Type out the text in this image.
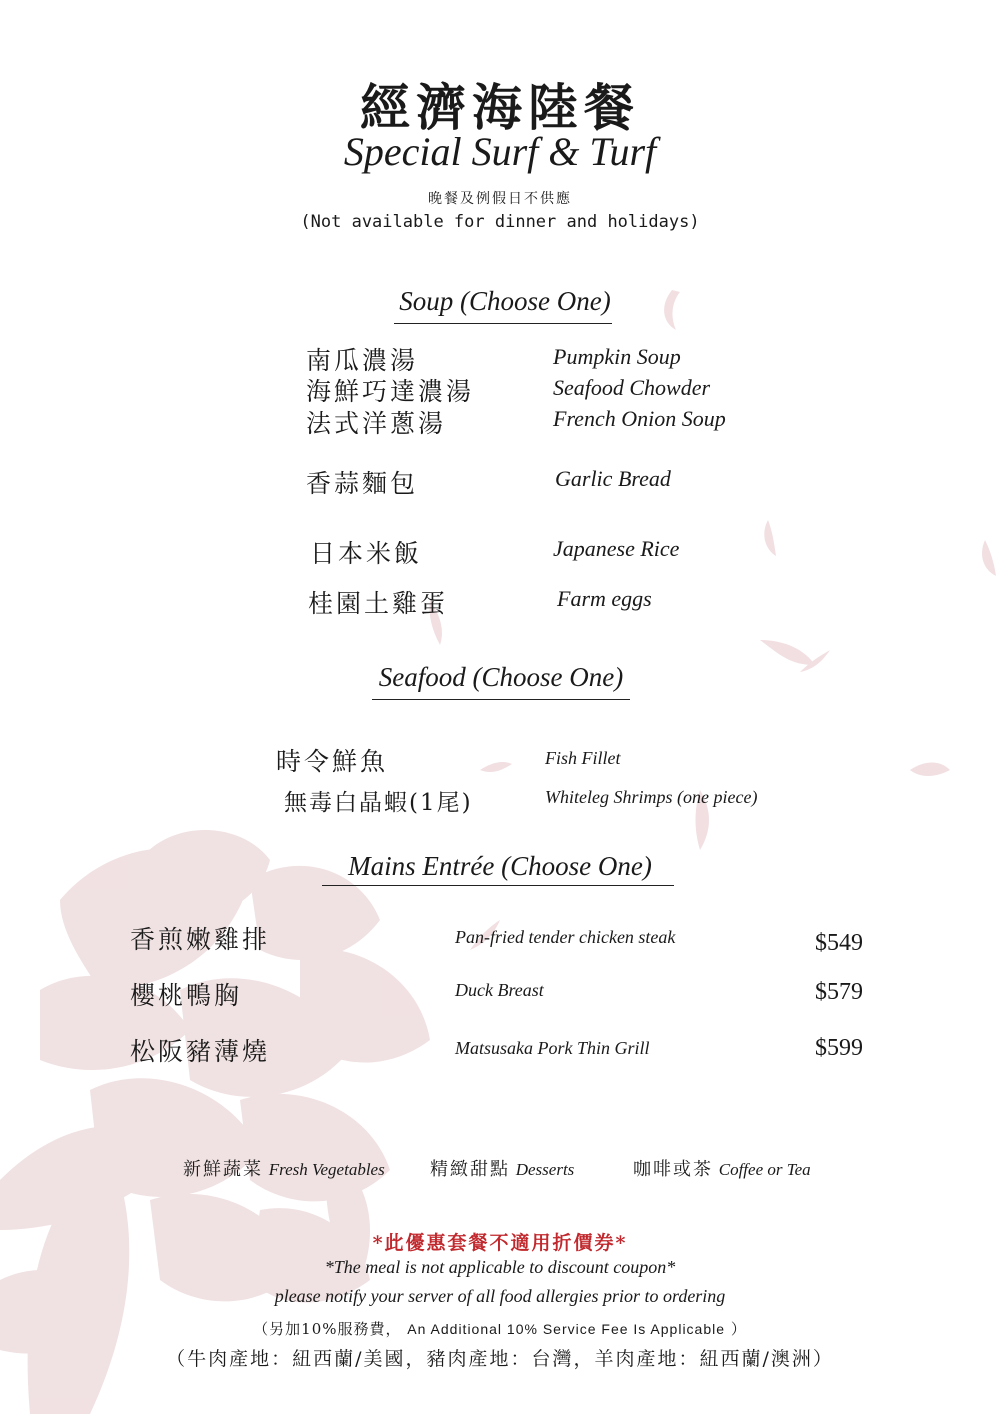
經濟海陸餐
Special Surf & Turf
晚餐及例假日不供應
(Not available for dinner and holidays)
Soup (Choose One)
南瓜濃湯	Pumpkin Soup
海鮮巧達濃湯	Seafood Chowder
法式洋蔥湯	French Onion Soup
香蒜麵包	Garlic Bread
日本米飯	Japanese Rice
桂園土雞蛋	Farm eggs
Seafood (Choose One)
時令鮮魚	Fish Fillet
無毒白晶蝦(1尾)	Whiteleg Shrimps (one piece)
Mains Entrée (Choose One)
香煎嫩雞排	Pan-fried tender chicken steak	$549
櫻桃鴨胸	Duck Breast	$579
松阪豬薄燒	Matsusaka Pork Thin Grill	$599
新鮮蔬菜 Fresh Vegetables	精緻甜點 Desserts	咖啡或茶 Coffee or Tea
*此優惠套餐不適用折價券*
*The meal is not applicable to discount coupon*
please notify your server of all food allergies prior to ordering
（另加10%服務費， An Additional 10% Service Fee Is Applicable ）
（牛肉產地：紐西蘭/美國，豬肉產地：台灣，羊肉產地：紐西蘭/澳洲）
